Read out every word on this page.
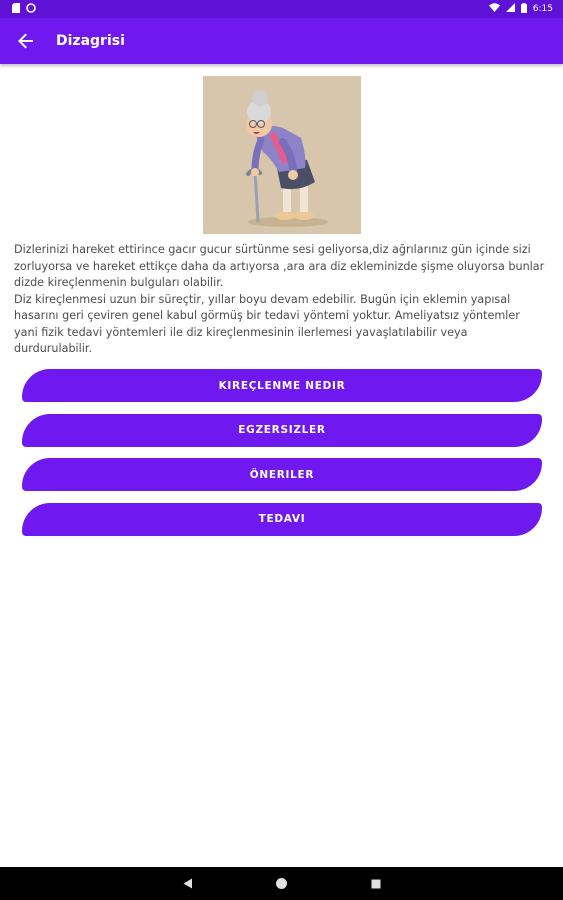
6:15
Dizagrisi
Dizlerinizi hareket ettirince gacır gucur sürtünme sesi geliyorsa,diz ağrılarınız gün içinde sizi zorluyorsa ve hareket ettikçe daha da artıyorsa ,ara ara diz ekleminizde şişme oluyorsa bunlar dizde kireçlenmenin bulguları olabilir.
Diz kireçlenmesi uzun bir süreçtir, yıllar boyu devam edebilir. Bugün için eklemin yapısal hasarını geri çeviren genel kabul görmüş bir tedavi yöntemi yoktur. Ameliyatsız yöntemler yani fizik tedavi yöntemleri ile diz kireçlenmesinin ilerlemesi yavaşlatılabilir veya durdurulabilir.
KIREÇLENME NEDIR
EGZERSIZLER
ÖNERILER
TEDAVI
